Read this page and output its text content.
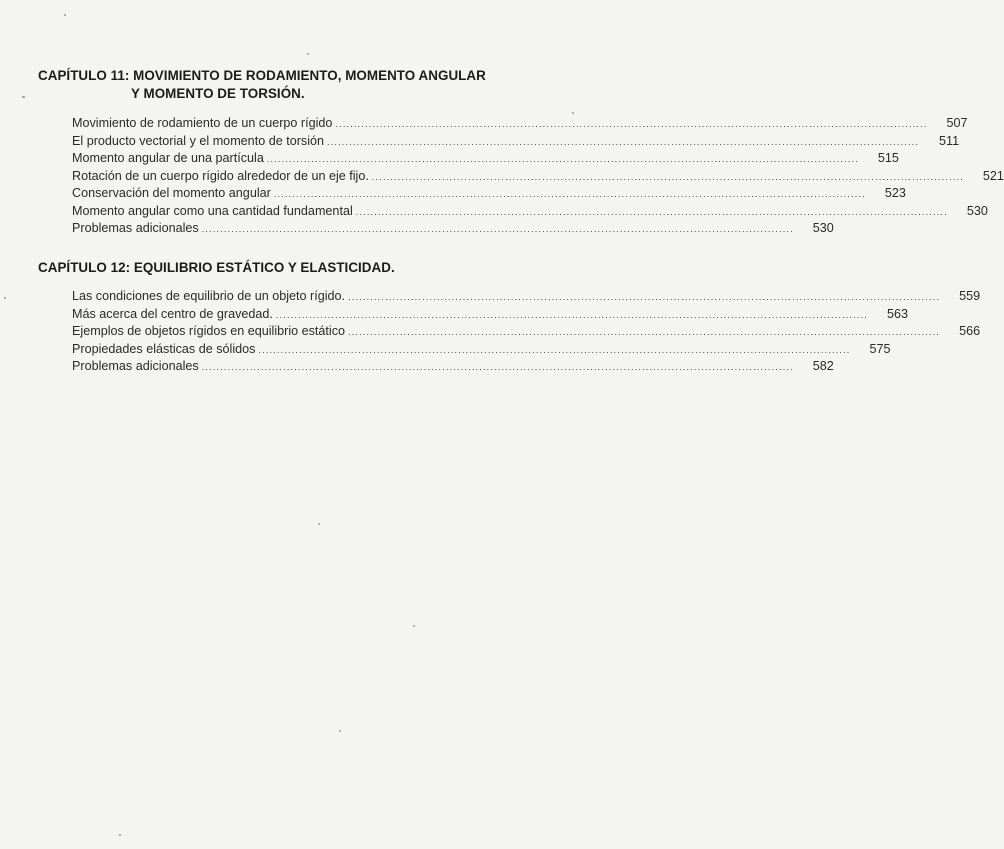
CAPÍTULO 11: MOVIMIENTO DE RODAMIENTO, MOMENTO ANGULAR
Y MOMENTO DE TORSIÓN.
Movimiento de rodamiento de un cuerpo rígido ................................................................................................................................................................	507
El producto vectorial y el momento de torsión ................................................................................................................................................................	511
Momento angular de una partícula ................................................................................................................................................................	515
Rotación de un cuerpo rígido alrededor de un eje fijo. ................................................................................................................................................................	521
Conservación del momento angular ................................................................................................................................................................	523
Momento angular como una cantidad fundamental ................................................................................................................................................................	530
Problemas adicionales ................................................................................................................................................................	530
CAPÍTULO 12: EQUILIBRIO ESTÁTICO Y ELASTICIDAD.
Las condiciones de equilibrio de un objeto rígido. ................................................................................................................................................................	559
Más acerca del centro de gravedad. ................................................................................................................................................................	563
Ejemplos de objetos rígidos en equilibrio estático ................................................................................................................................................................	566
Propiedades elásticas de sólidos ................................................................................................................................................................	575
Problemas adicionales ................................................................................................................................................................	582
